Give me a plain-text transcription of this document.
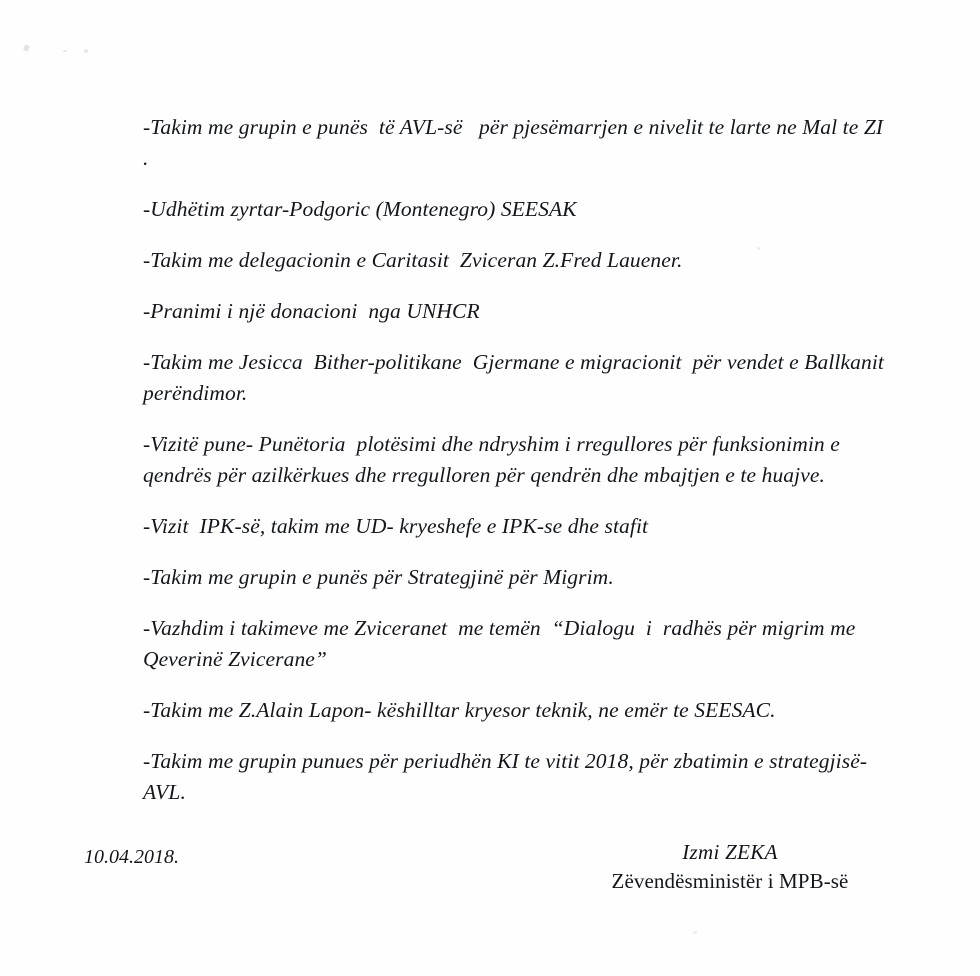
-Takim me grupin e punës  të AVL-së   për pjesëmarrjen e nivelit te larte ne Mal te ZI .

-Udhëtim zyrtar-Podgoric (Montenegro) SEESAK

-Takim me delegacionin e Caritasit  Zviceran Z.Fred Lauener.

-Pranimi i një donacioni  nga UNHCR

-Takim me Jesicca  Bither-politikane  Gjermane e migracionit  për vendet e Ballkanit perëndimor.

-Vizitë pune- Punëtoria  plotësimi dhe ndryshim i rregullores për funksionimin e qendrës për azilkërkues dhe rregulloren për qendrën dhe mbajtjen e te huajve.

-Vizit  IPK-së, takim me UD- kryeshefe e IPK-se dhe stafit

-Takim me grupin e punës për Strategjinë për Migrim.

-Vazhdim i takimeve me Zviceranet  me temën  “Dialogu  i  radhës për migrim me Qeverinë Zvicerane”

-Takim me Z.Alain Lapon- këshilltar kryesor teknik, ne emër te SEESAC.

-Takim me grupin punues për periudhën KI te vitit 2018, për zbatimin e strategjisë-AVL.

10.04.2018.	Izmi ZEKA
Zëvendësministër i MPB-së
